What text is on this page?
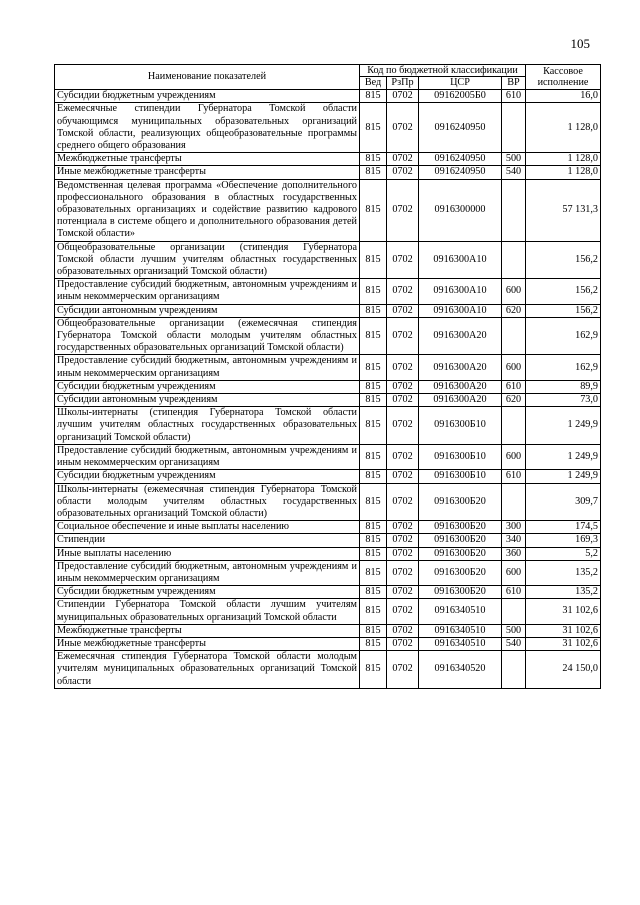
105
Наименование показателей	Код по бюджетной классификации				Кассовое исполнение
	Вед	РзПр	ЦСР	ВР	
Субсидии бюджетным учреждениям	815	0702	09162005Б0	610	16,0
Ежемесячные стипендии Губернатора Томской области обучающимся муниципальных образовательных организаций Томской области, реализующих общеобразовательные программы среднего общего образования	815	0702	0916240950		1 128,0
Межбюджетные трансферты	815	0702	0916240950	500	1 128,0
Иные межбюджетные трансферты	815	0702	0916240950	540	1 128,0
Ведомственная целевая программа «Обеспечение дополнительного профессионального образования в областных государственных образовательных организациях и содействие развитию кадрового потенциала в системе общего и дополнительного образования детей Томской области»	815	0702	0916300000		57 131,3
Общеобразовательные организации (стипендия Губернатора Томской области лучшим учителям областных государственных образовательных организаций Томской области)	815	0702	0916300А10		156,2
Предоставление субсидий бюджетным, автономным учреждениям и иным некоммерческим организациям	815	0702	0916300А10	600	156,2
Субсидии автономным учреждениям	815	0702	0916300А10	620	156,2
Общеобразовательные организации (ежемесячная стипендия Губернатора Томской области молодым учителям областных государственных образовательных организаций Томской области)	815	0702	0916300А20		162,9
Предоставление субсидий бюджетным, автономным учреждениям и иным некоммерческим организациям	815	0702	0916300А20	600	162,9
Субсидии бюджетным учреждениям	815	0702	0916300А20	610	89,9
Субсидии автономным учреждениям	815	0702	0916300А20	620	73,0
Школы-интернаты (стипендия Губернатора Томской области лучшим учителям областных государственных образовательных организаций Томской области)	815	0702	0916300Б10		1 249,9
Предоставление субсидий бюджетным, автономным учреждениям и иным некоммерческим организациям	815	0702	0916300Б10	600	1 249,9
Субсидии бюджетным учреждениям	815	0702	0916300Б10	610	1 249,9
Школы-интернаты (ежемесячная стипендия Губернатора Томской области молодым учителям областных государственных образовательных организаций Томской области)	815	0702	0916300Б20		309,7
Социальное обеспечение и иные выплаты населению	815	0702	0916300Б20	300	174,5
Стипендии	815	0702	0916300Б20	340	169,3
Иные выплаты населению	815	0702	0916300Б20	360	5,2
Предоставление субсидий бюджетным, автономным учреждениям и иным некоммерческим организациям	815	0702	0916300Б20	600	135,2
Субсидии бюджетным учреждениям	815	0702	0916300Б20	610	135,2
Стипендии Губернатора Томской области лучшим учителям муниципальных образовательных организаций Томской области	815	0702	0916340510		31 102,6
Межбюджетные трансферты	815	0702	0916340510	500	31 102,6
Иные межбюджетные трансферты	815	0702	0916340510	540	31 102,6
Ежемесячная стипендия Губернатора Томской области молодым учителям муниципальных образовательных организаций Томской области	815	0702	0916340520		24 150,0
